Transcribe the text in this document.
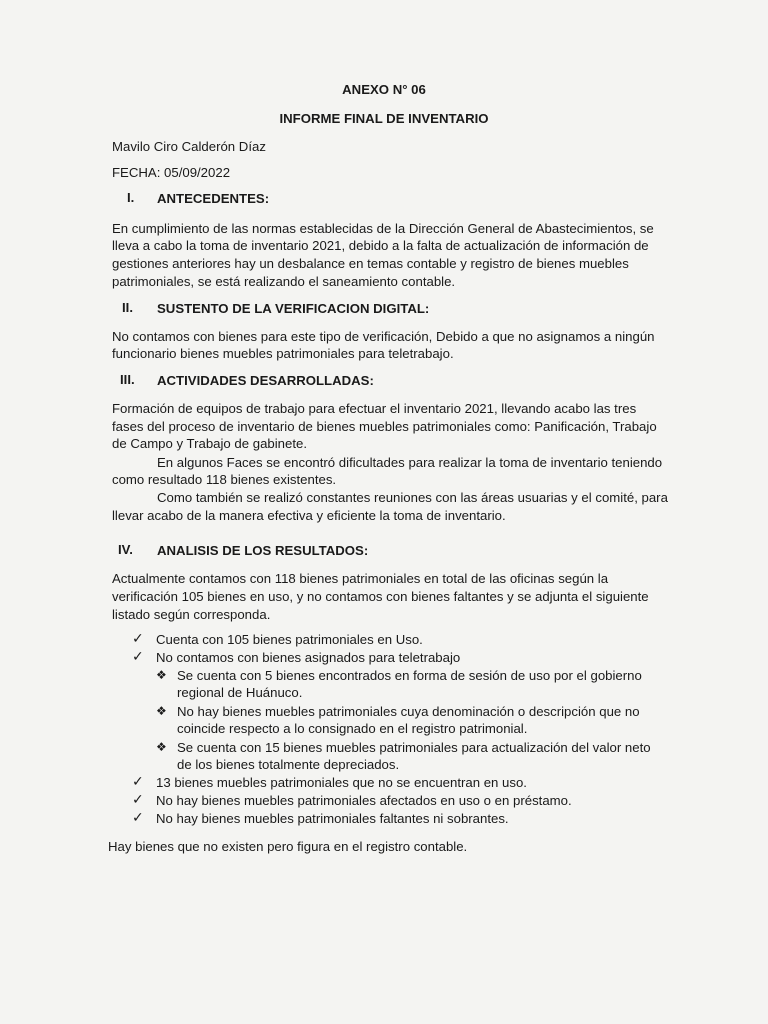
ANEXO N° 06
INFORME FINAL DE INVENTARIO
Mavilo Ciro Calderón Díaz
FECHA: 05/09/2022
I. ANTECEDENTES:
En cumplimiento de las normas establecidas de la Dirección General de Abastecimientos, se
lleva a cabo la toma de inventario 2021, debido a la falta de actualización de información de
gestiones anteriores hay un desbalance en temas contable y registro de bienes muebles
patrimoniales, se está realizando el saneamiento contable.
II. SUSTENTO DE LA VERIFICACION DIGITAL:
No contamos con bienes para este tipo de verificación, Debido a que no asignamos a ningún
funcionario bienes muebles patrimoniales para teletrabajo.
III. ACTIVIDADES DESARROLLADAS:
Formación de equipos de trabajo para efectuar el inventario 2021, llevando acabo las tres
fases del proceso de inventario de bienes muebles patrimoniales como: Panificación, Trabajo
de Campo y Trabajo de gabinete.
En algunos Faces se encontró dificultades para realizar la toma de inventario teniendo
como resultado 118 bienes existentes.
Como también se realizó constantes reuniones con las áreas usuarias y el comité, para
llevar acabo de la manera efectiva y eficiente la toma de inventario.
IV. ANALISIS DE LOS RESULTADOS:
Actualmente contamos con 118 bienes patrimoniales en total de las oficinas según la
verificación 105 bienes en uso, y no contamos con bienes faltantes y se adjunta el siguiente
listado según corresponda.
✓ Cuenta con 105 bienes patrimoniales en Uso.
✓ No contamos con bienes asignados para teletrabajo
❖ Se cuenta con 5 bienes encontrados en forma de sesión de uso por el gobierno
regional de Huánuco.
❖ No hay bienes muebles patrimoniales cuya denominación o descripción que no
coincide respecto a lo consignado en el registro patrimonial.
❖ Se cuenta con 15 bienes muebles patrimoniales para actualización del valor neto
de los bienes totalmente depreciados.
✓ 13 bienes muebles patrimoniales que no se encuentran en uso.
✓ No hay bienes muebles patrimoniales afectados en uso o en préstamo.
✓ No hay bienes muebles patrimoniales faltantes ni sobrantes.
Hay bienes que no existen pero figura en el registro contable.
